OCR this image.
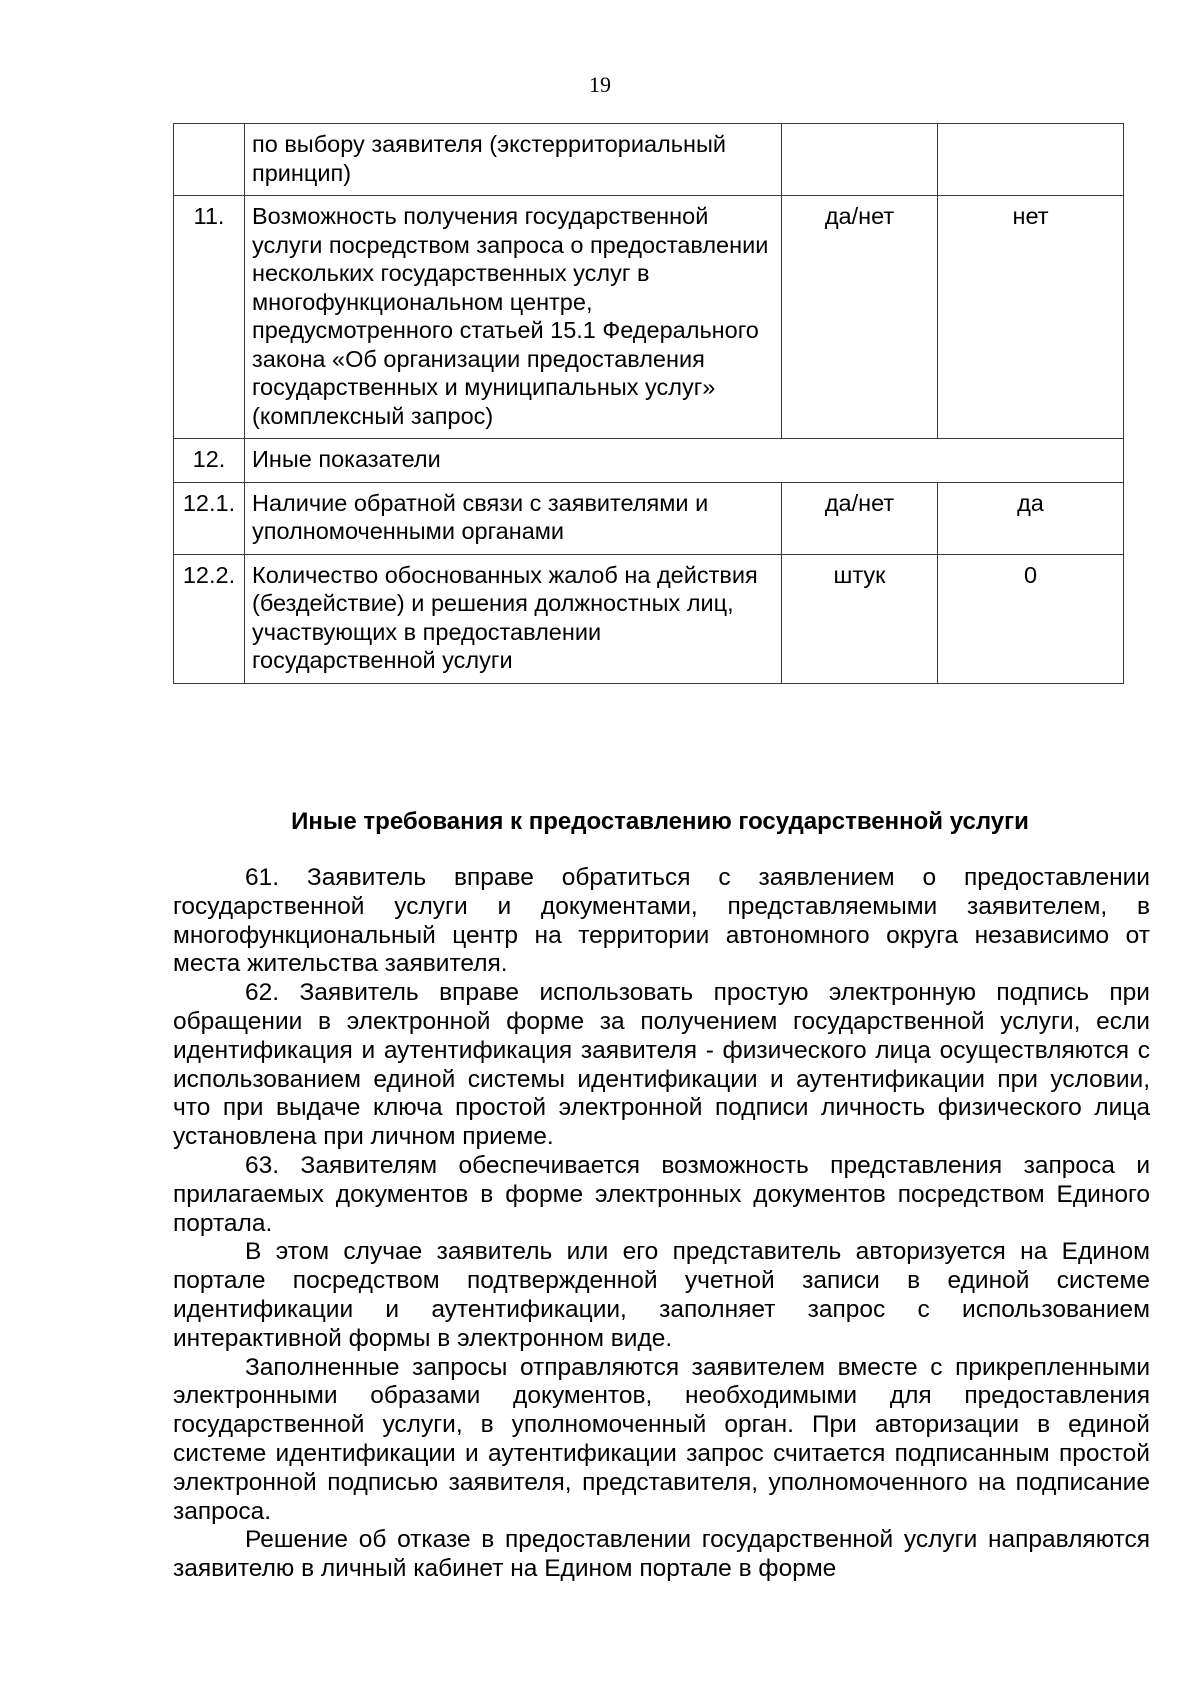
19
	по выбору заявителя (экстерриториальный принцип)		
11.	Возможность получения государственной услуги посредством запроса о предоставлении нескольких государственных услуг в многофункциональном центре, предусмотренного статьей 15.1 Федерального закона «Об организации предоставления государственных и муниципальных услуг» (комплексный запрос)	да/нет	нет
12.	Иные показатели		
12.1.	Наличие обратной связи с заявителями и уполномоченными органами	да/нет	да
12.2.	Количество обоснованных жалоб на действия (бездействие) и решения должностных лиц, участвующих в предоставлении государственной услуги	штук	0
Иные требования к предоставлению государственной услуги

61. Заявитель вправе обратиться с заявлением о предоставлении государственной услуги и документами, представляемыми заявителем, в многофункциональный центр на территории автономного округа независимо от места жительства заявителя.

62. Заявитель вправе использовать простую электронную подпись при обращении в электронной форме за получением государственной услуги, если идентификация и аутентификация заявителя - физического лица осуществляются с использованием единой системы идентификации и аутентификации при условии, что при выдаче ключа простой электронной подписи личность физического лица установлена при личном приеме.

63. Заявителям обеспечивается возможность представления запроса и прилагаемых документов в форме электронных документов посредством Единого портала.

В этом случае заявитель или его представитель авторизуется на Едином портале посредством подтвержденной учетной записи в единой системе идентификации и аутентификации, заполняет запрос с использованием интерактивной формы в электронном виде.

Заполненные запросы отправляются заявителем вместе с прикрепленными электронными образами документов, необходимыми для предоставления государственной услуги, в уполномоченный орган. При авторизации в единой системе идентификации и аутентификации запрос считается подписанным простой электронной подписью заявителя, представителя, уполномоченного на подписание запроса.

Решение об отказе в предоставлении государственной услуги направляются заявителю в личный кабинет на Едином портале в форме
